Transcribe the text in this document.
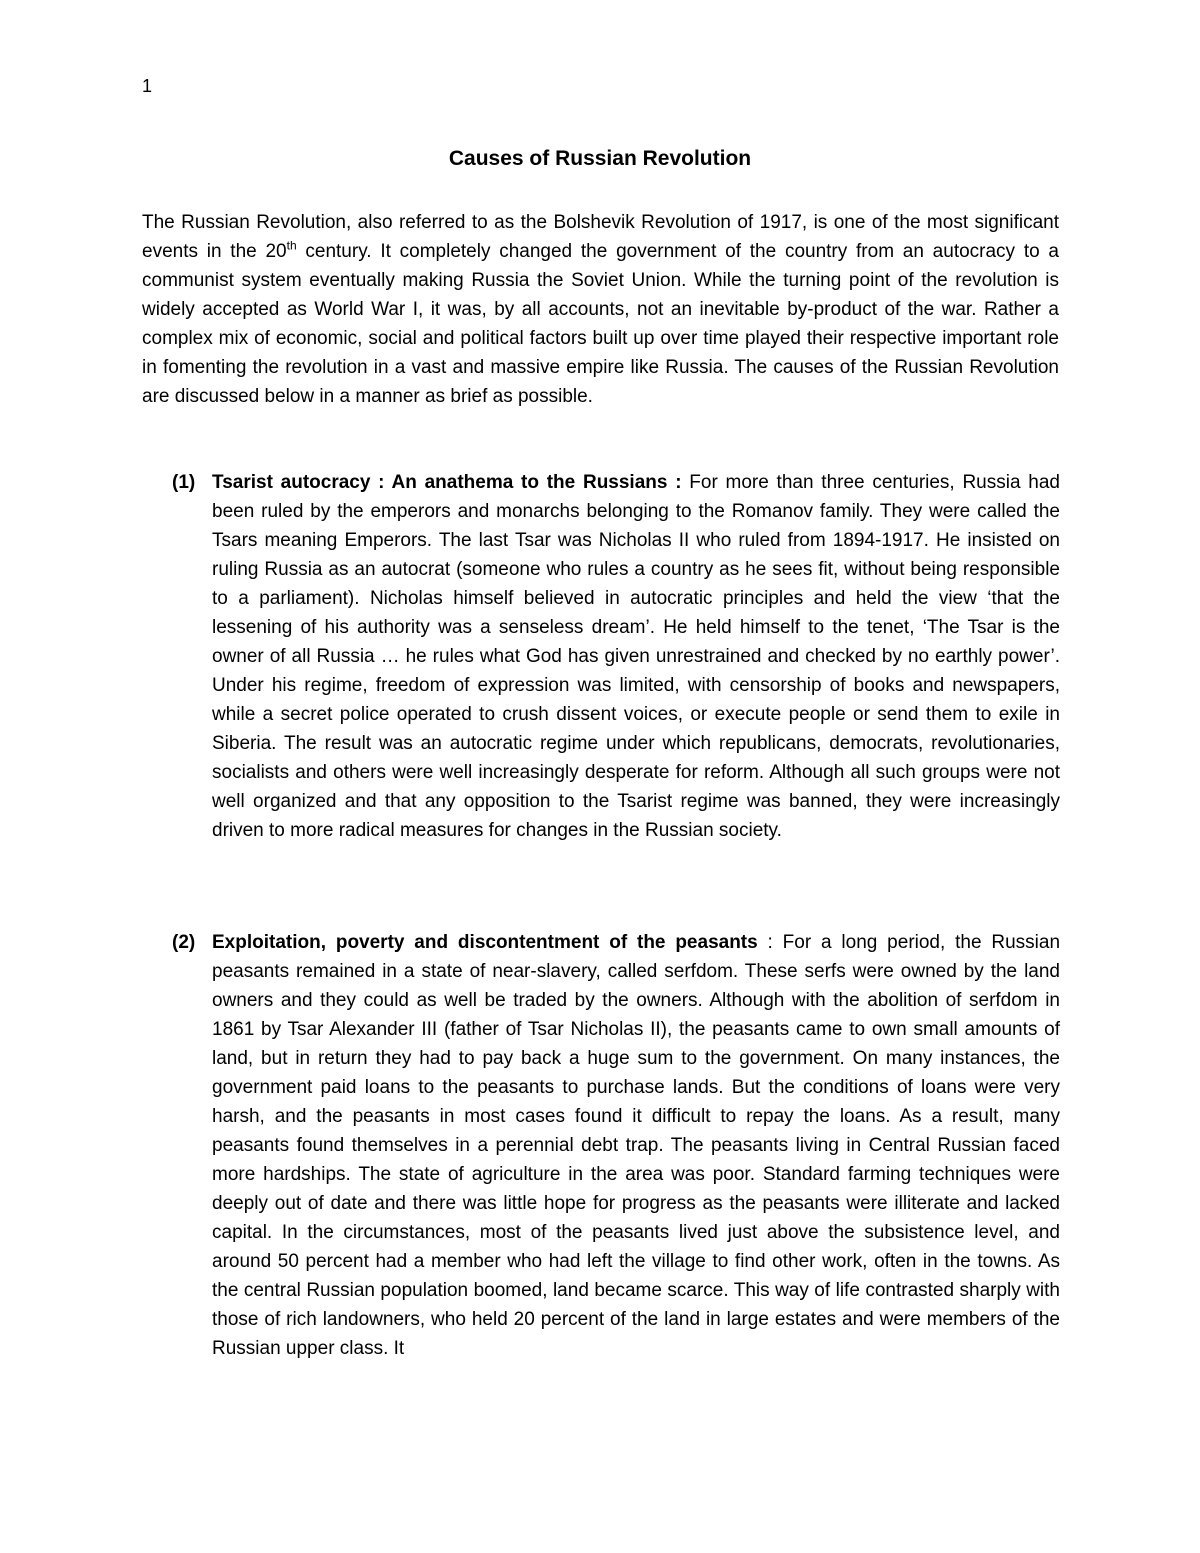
1
Causes of Russian Revolution
The Russian Revolution, also referred to as the Bolshevik Revolution of 1917, is one of the most significant events in the 20th century. It completely changed the government of the country from an autocracy to a communist system eventually making Russia the Soviet Union. While the turning point of the revolution is widely accepted as World War I, it was, by all accounts, not an inevitable by-product of the war. Rather a complex mix of economic, social and political factors built up over time played their respective important role in fomenting the revolution in a vast and massive empire like Russia. The causes of the Russian Revolution are discussed below in a manner as brief as possible.
(1) Tsarist autocracy : An anathema to the Russians : For more than three centuries, Russia had been ruled by the emperors and monarchs belonging to the Romanov family. They were called the Tsars meaning Emperors. The last Tsar was Nicholas II who ruled from 1894-1917. He insisted on ruling Russia as an autocrat (someone who rules a country as he sees fit, without being responsible to a parliament). Nicholas himself believed in autocratic principles and held the view ‘that the lessening of his authority was a senseless dream’. He held himself to the tenet, ‘The Tsar is the owner of all Russia … he rules what God has given unrestrained and checked by no earthly power’. Under his regime, freedom of expression was limited, with censorship of books and newspapers, while a secret police operated to crush dissent voices, or execute people or send them to exile in Siberia. The result was an autocratic regime under which republicans, democrats, revolutionaries, socialists and others were well increasingly desperate for reform. Although all such groups were not well organized and that any opposition to the Tsarist regime was banned, they were increasingly driven to more radical measures for changes in the Russian society.
(2) Exploitation, poverty and discontentment of the peasants : For a long period, the Russian peasants remained in a state of near-slavery, called serfdom. These serfs were owned by the land owners and they could as well be traded by the owners. Although with the abolition of serfdom in 1861 by Tsar Alexander III (father of Tsar Nicholas II), the peasants came to own small amounts of land, but in return they had to pay back a huge sum to the government. On many instances, the government paid loans to the peasants to purchase lands. But the conditions of loans were very harsh, and the peasants in most cases found it difficult to repay the loans. As a result, many peasants found themselves in a perennial debt trap. The peasants living in Central Russian faced more hardships. The state of agriculture in the area was poor. Standard farming techniques were deeply out of date and there was little hope for progress as the peasants were illiterate and lacked capital. In the circumstances, most of the peasants lived just above the subsistence level, and around 50 percent had a member who had left the village to find other work, often in the towns. As the central Russian population boomed, land became scarce. This way of life contrasted sharply with those of rich landowners, who held 20 percent of the land in large estates and were members of the Russian upper class. It
